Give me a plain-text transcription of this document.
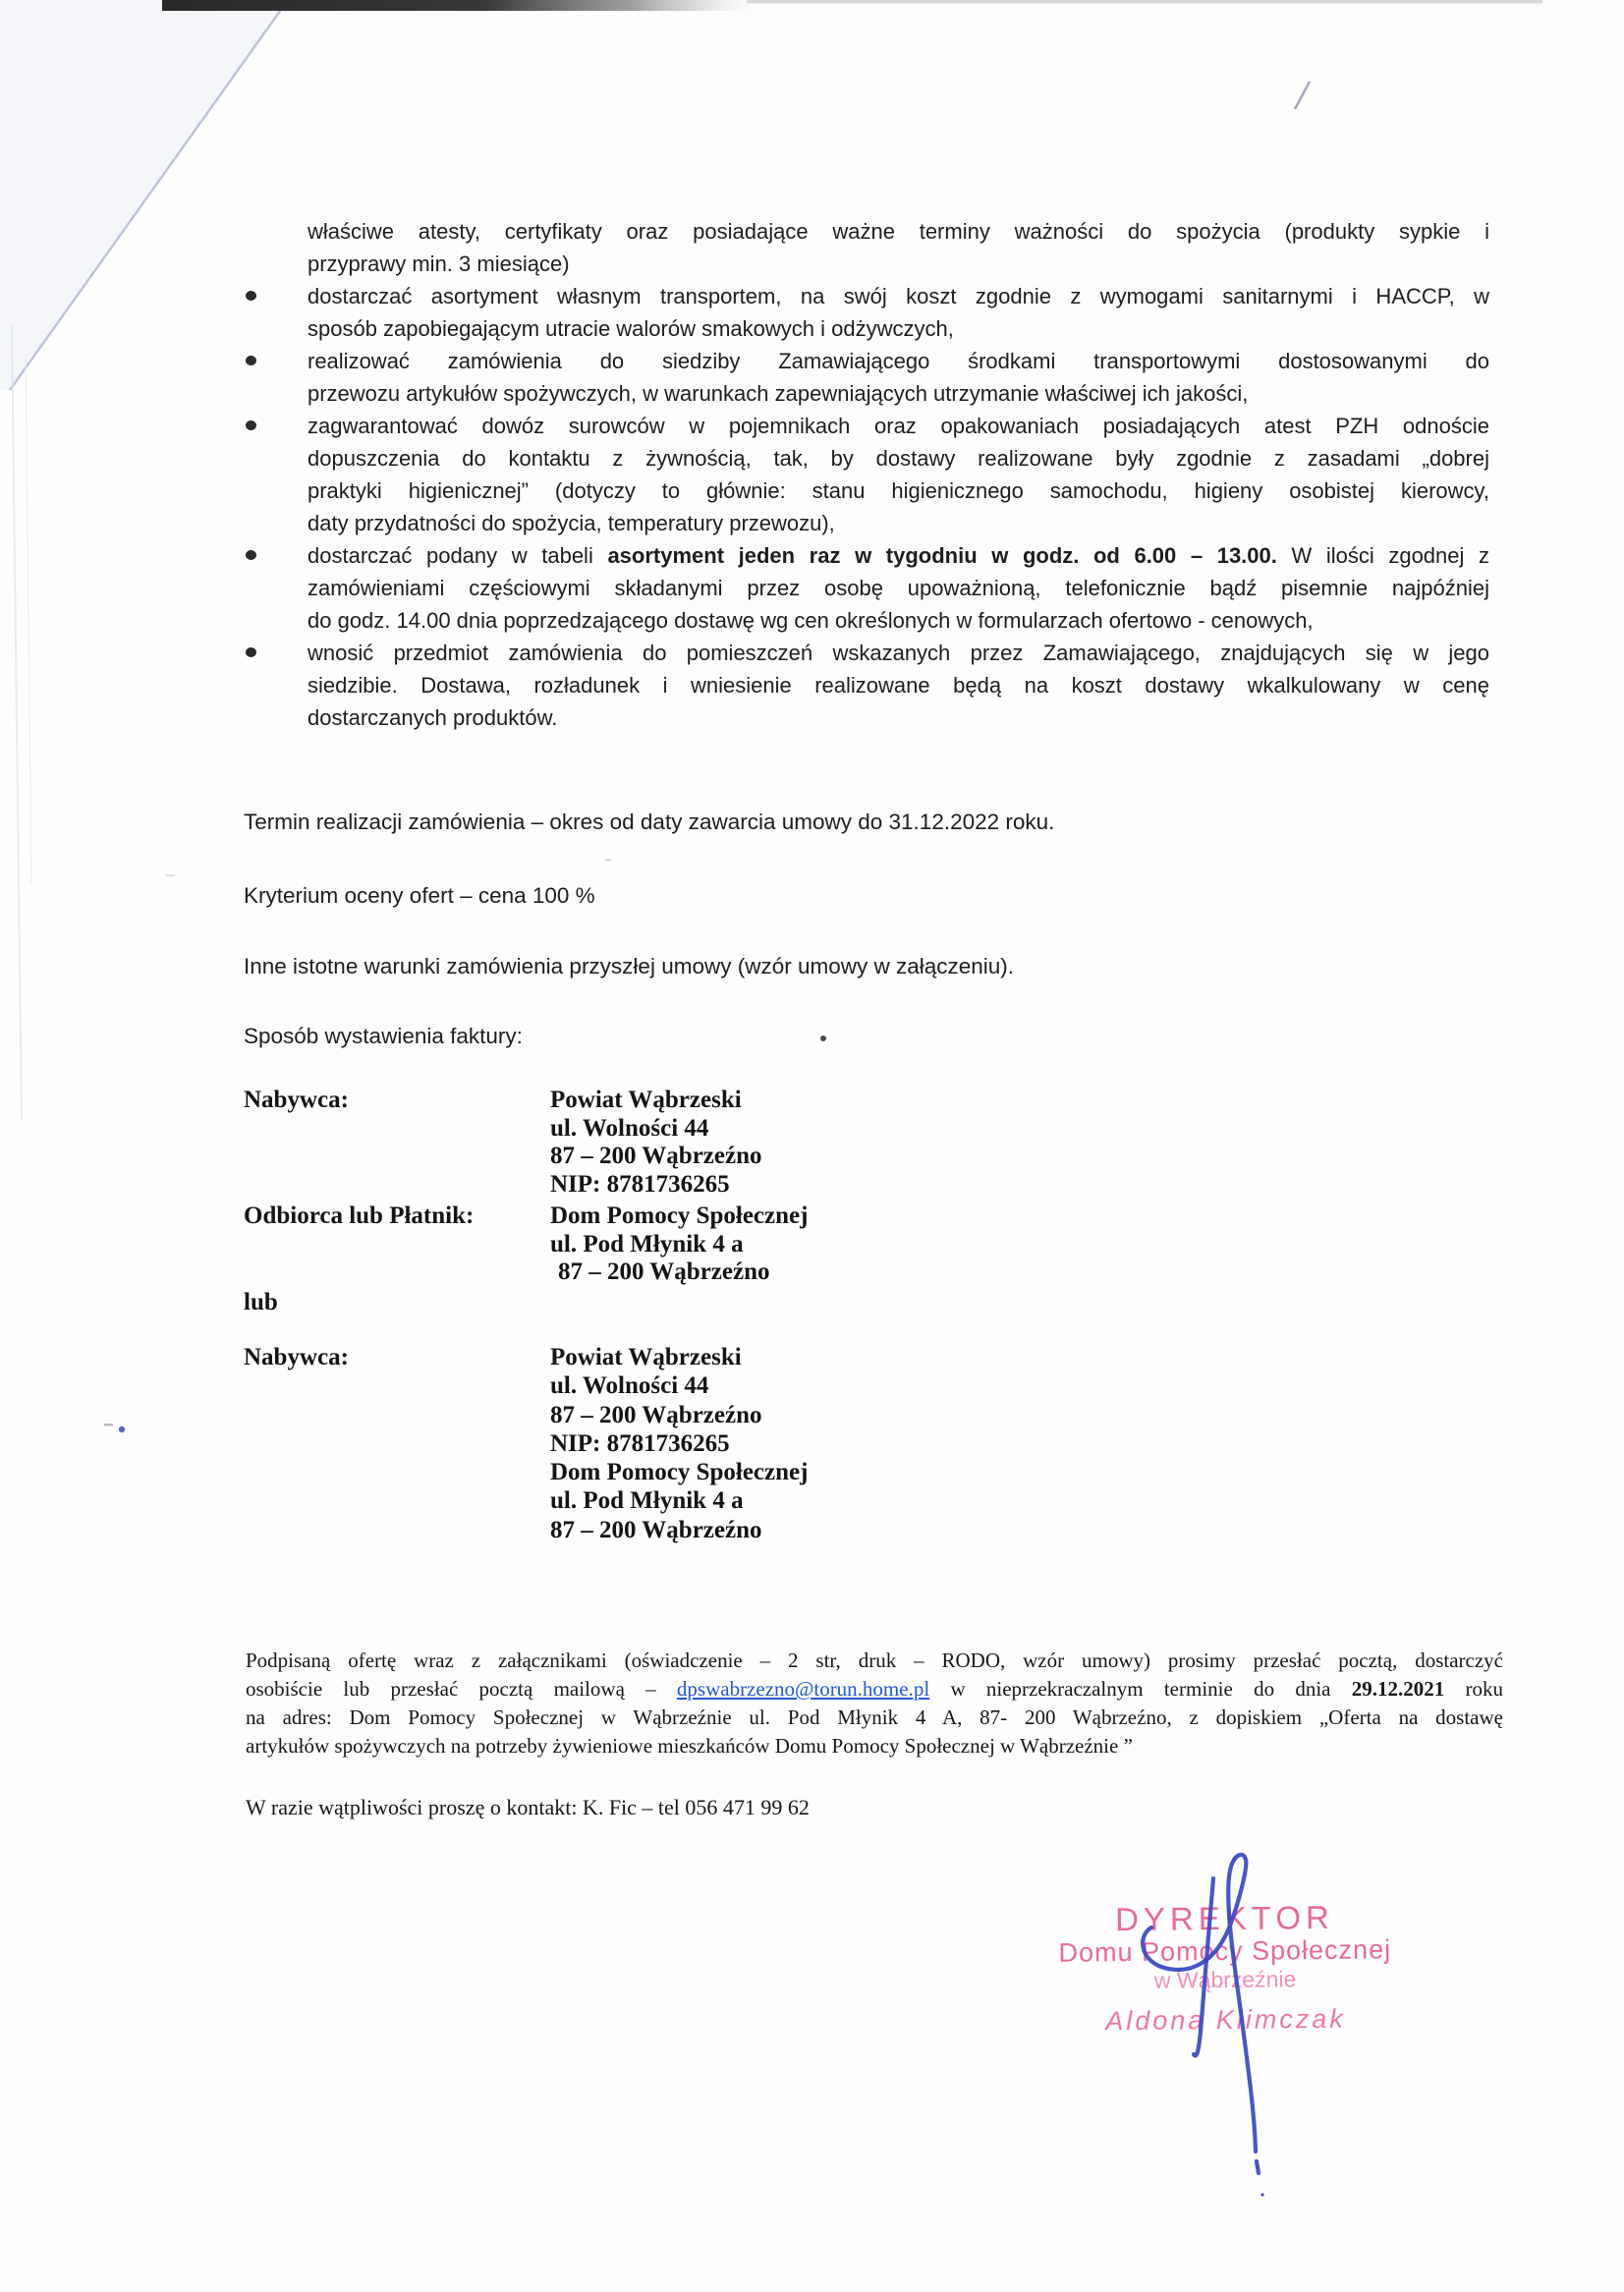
właściwe atesty, certyfikaty oraz posiadające ważne terminy ważności do spożycia (produkty sypkie i
przyprawy min. 3 miesiące)
dostarczać asortyment własnym transportem, na swój koszt zgodnie z wymogami sanitarnymi i HACCP, w
sposób zapobiegającym utracie walorów smakowych i odżywczych,
realizować zamówienia do siedziby Zamawiającego środkami transportowymi dostosowanymi do
przewozu artykułów spożywczych, w warunkach zapewniających utrzymanie właściwej ich jakości,
zagwarantować dowóz surowców w pojemnikach oraz opakowaniach posiadających atest PZH odnoście
dopuszczenia do kontaktu z żywnością, tak, by dostawy realizowane były zgodnie z zasadami „dobrej
praktyki higienicznej” (dotyczy to głównie: stanu higienicznego samochodu, higieny osobistej kierowcy,
daty przydatności do spożycia, temperatury przewozu),
dostarczać podany w tabeli asortyment jeden raz w tygodniu w godz. od 6.00 – 13.00. W ilości zgodnej z
zamówieniami częściowymi składanymi przez osobę upoważnioną, telefonicznie bądź pisemnie najpóźniej
do godz. 14.00 dnia poprzedzającego dostawę wg cen określonych w formularzach ofertowo - cenowych,
wnosić przedmiot zamówienia do pomieszczeń wskazanych przez Zamawiającego, znajdujących się w jego
siedzibie. Dostawa, rozładunek i wniesienie realizowane będą na koszt dostawy wkalkulowany w cenę
dostarczanych produktów.
Termin realizacji zamówienia – okres od daty zawarcia umowy do 31.12.2022 roku.
Kryterium oceny ofert – cena 100 %
Inne istotne warunki zamówienia przyszłej umowy (wzór umowy w załączeniu).
Sposób wystawienia faktury:
Nabywca:	Powiat Wąbrzeski
ul. Wolności 44
87 – 200 Wąbrzeźno
NIP: 8781736265
Odbiorca lub Płatnik:	Dom Pomocy Społecznej
ul. Pod Młynik 4 a
87 – 200 Wąbrzeźno
lub
Nabywca:	Powiat Wąbrzeski
ul. Wolności 44
87 – 200 Wąbrzeźno
NIP: 8781736265
Dom Pomocy Społecznej
ul. Pod Młynik 4 a
87 – 200 Wąbrzeźno
Podpisaną ofertę wraz z załącznikami (oświadczenie – 2 str, druk – RODO, wzór umowy) prosimy przesłać pocztą, dostarczyć
osobiście lub przesłać pocztą mailową – dpswabrzezno@torun.home.pl w nieprzekraczalnym terminie do dnia 29.12.2021 roku
na adres: Dom Pomocy Społecznej w Wąbrzeźnie ul. Pod Młynik 4 A, 87- 200 Wąbrzeźno, z dopiskiem „Oferta na dostawę
artykułów spożywczych na potrzeby żywieniowe mieszkańców Domu Pomocy Społecznej w Wąbrzeźnie ”
W razie wątpliwości proszę o kontakt: K. Fic – tel 056 471 99 62
DYREKTOR
Domu Pomocy Społecznej
w Wąbrzeźnie
Aldona Klimczak
